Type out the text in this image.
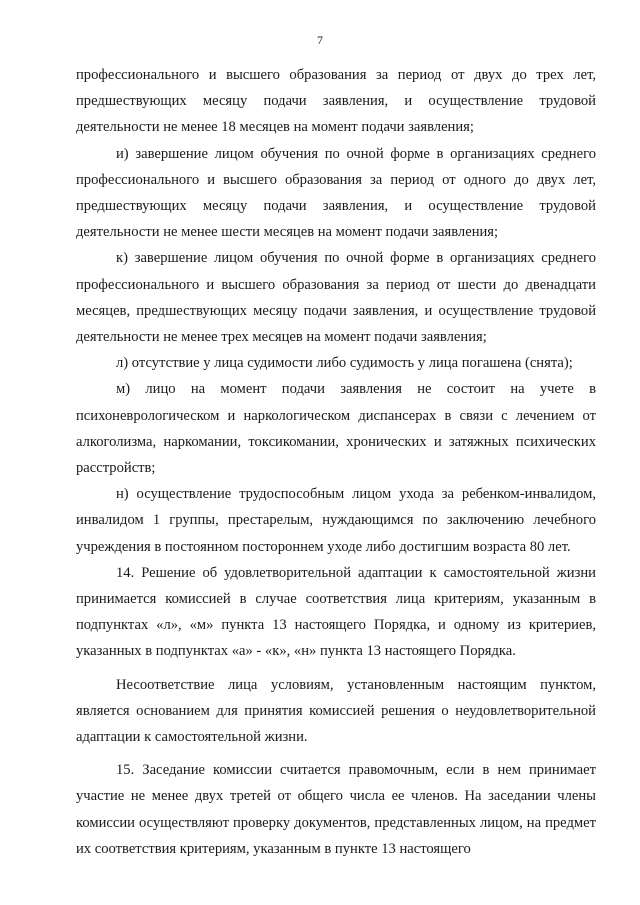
7

профессионального и высшего образования за период от двух до трех лет, предшествующих месяцу подачи заявления, и осуществление трудовой деятельности не менее 18 месяцев на момент подачи заявления;

и) завершение лицом обучения по очной форме в организациях среднего профессионального и высшего образования за период от одного до двух лет, предшествующих месяцу подачи заявления, и осуществление трудовой деятельности не менее шести месяцев на момент подачи заявления;

к) завершение лицом обучения по очной форме в организациях среднего профессионального и высшего образования за период от шести до двенадцати месяцев, предшествующих месяцу подачи заявления, и осуществление трудовой деятельности не менее трех месяцев на момент подачи заявления;

л) отсутствие у лица судимости либо судимость у лица погашена (снята);

м) лицо на момент подачи заявления не состоит на учете в психоневрологическом и наркологическом диспансерах в связи с лечением от алкоголизма, наркомании, токсикомании, хронических и затяжных психических расстройств;

н) осуществление трудоспособным лицом ухода за ребенком-инвалидом, инвалидом 1 группы, престарелым, нуждающимся по заключению лечебного учреждения в постоянном постороннем уходе либо достигшим возраста 80 лет.

14. Решение об удовлетворительной адаптации к самостоятельной жизни принимается комиссией в случае соответствия лица критериям, указанным в подпунктах «л», «м» пункта 13 настоящего Порядка, и одному из критериев, указанных в подпунктах «а» - «к», «н» пункта 13 настоящего Порядка.

Несоответствие лица условиям, установленным настоящим пунктом, является основанием для принятия комиссией решения о неудовлетворительной адаптации к самостоятельной жизни.

15. Заседание комиссии считается правомочным, если в нем принимает участие не менее двух третей от общего числа ее членов. На заседании члены комиссии осуществляют проверку документов, представленных лицом, на предмет их соответствия критериям, указанным в пункте 13 настоящего
